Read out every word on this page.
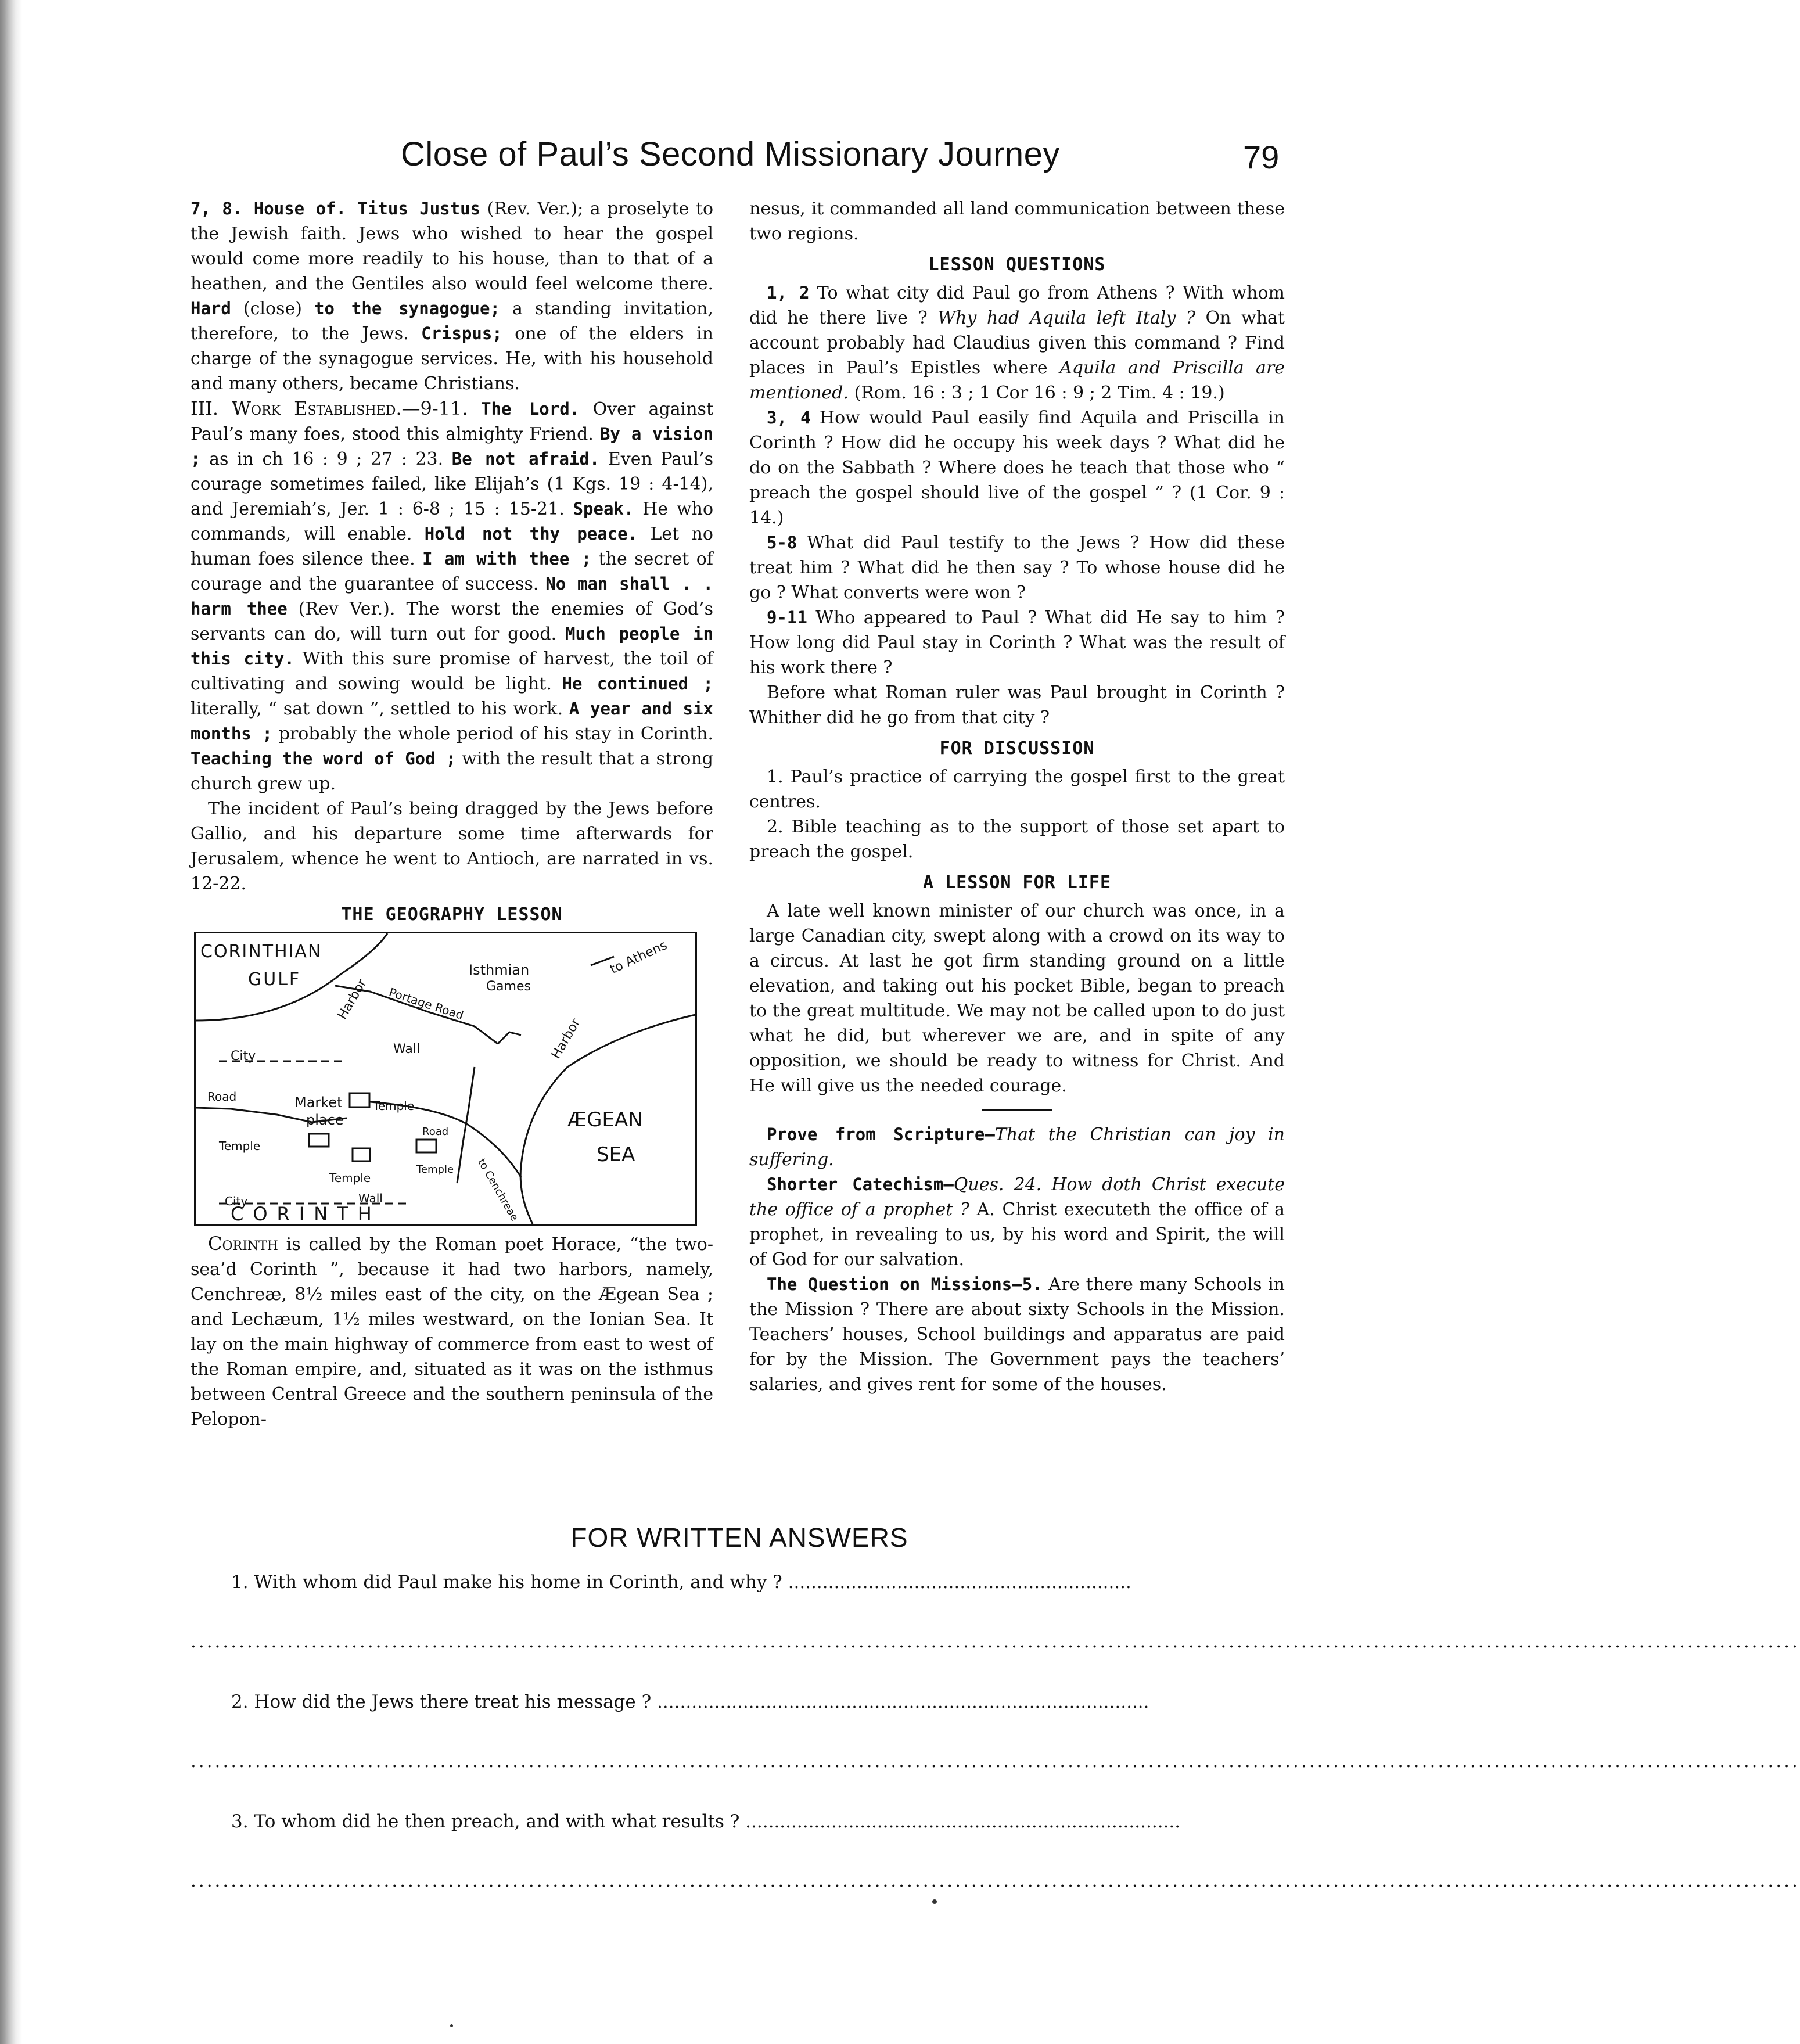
Close of Paul’s Second Missionary Journey	79

7, 8. House of. Titus Justus (Rev. Ver.); a proselyte to the Jewish faith. Jews who wished to hear the gospel would come more readily to his house, than to that of a heathen, and the Gentiles also would feel welcome there. Hard (close) to the synagogue; a standing invitation, therefore, to the Jews. Crispus; one of the elders in charge of the synagogue services. He, with his household and many others, became Christians.

III. Work Established.—9-11. The Lord. Over against Paul’s many foes, stood this almighty Friend. By a vision ; as in ch 16 : 9 ; 27 : 23. Be not afraid. Even Paul’s courage sometimes failed, like Elijah’s (1 Kgs. 19 : 4-14), and Jeremiah’s, Jer. 1 : 6-8 ; 15 : 15-21. Speak. He who commands, will enable. Hold not thy peace. Let no human foes silence thee. I am with thee ; the secret of courage and the guarantee of success. No man shall . . harm thee (Rev Ver.). The worst the enemies of God’s servants can do, will turn out for good. Much people in this city. With this sure promise of harvest, the toil of cultivating and sowing would be light. He continued ; literally, “ sat down ”, settled to his work. A year and six months ; probably the whole period of his stay in Corinth. Teaching the word of God ; with the result that a strong church grew up.

The incident of Paul’s being dragged by the Jews before Gallio, and his departure some time afterwards for Jerusalem, whence he went to Antioch, are narrated in vs. 12-22.

THE GEOGRAPHY LESSON
CORINTHIAN
GULF	Harbor
Isthmian
Games
to Athens
Portage Road
City	Wall
Road	Market
place
Temple
Temple
Temple
Temple
Road
to Cenchreae
Harbor
ÆGEAN
SEA
City	Wall
CORINTH

Corinth is called by the Roman poet Horace, “the two-sea’d Corinth ”, because it had two harbors, namely, Cenchreæ, 8½ miles east of the city, on the Ægean Sea ; and Lechæum, 1½ miles westward, on the Ionian Sea. It lay on the main highway of commerce from east to west of the Roman empire, and, situated as it was on the isthmus between Central Greece and the southern peninsula of the Pelopon-

nesus, it commanded all land communication between these two regions.

LESSON QUESTIONS

1, 2 To what city did Paul go from Athens ? With whom did he there live ? Why had Aquila left Italy ? On what account probably had Claudius given this command ? Find places in Paul’s Epistles where Aquila and Priscilla are mentioned. (Rom. 16 : 3 ; 1 Cor 16 : 9 ; 2 Tim. 4 : 19.)

3, 4 How would Paul easily find Aquila and Priscilla in Corinth ? How did he occupy his week days ? What did he do on the Sabbath ? Where does he teach that those who “ preach the gospel should live of the gospel ” ? (1 Cor. 9 : 14.)

5-8 What did Paul testify to the Jews ? How did these treat him ? What did he then say ? To whose house did he go ? What converts were won ?

9-11 Who appeared to Paul ? What did He say to him ? How long did Paul stay in Corinth ? What was the result of his work there ?

Before what Roman ruler was Paul brought in Corinth ? Whither did he go from that city ?

FOR DISCUSSION

1. Paul’s practice of carrying the gospel first to the great centres.

2. Bible teaching as to the support of those set apart to preach the gospel.

A LESSON FOR LIFE

A late well known minister of our church was once, in a large Canadian city, swept along with a crowd on its way to a circus. At last he got firm standing ground on a little elevation, and taking out his pocket Bible, began to preach to the great multitude. We may not be called upon to do just what he did, but wherever we are, and in spite of any opposition, we should be ready to witness for Christ. And He will give us the needed courage.

Prove from Scripture—That the Christian can joy in suffering.

Shorter Catechism—Ques. 24. How doth Christ execute the office of a prophet ? A. Christ executeth the office of a prophet, in revealing to us, by his word and Spirit, the will of God for our salvation.

The Question on Missions—5. Are there many Schools in the Mission ? There are about sixty Schools in the Mission. Teachers’ houses, School buildings and apparatus are paid for by the Mission. The Government pays the teachers’ salaries, and gives rent for some of the houses.

FOR WRITTEN ANSWERS
1. With whom did Paul make his home in Corinth, and why ? ............................................................
........................................................................................................................................................................................................
2. How did the Jews there treat his message ? ......................................................................................
........................................................................................................................................................................................................
3. To whom did he then preach, and with what results ? ............................................................................
........................................................................................................................................................................................................
